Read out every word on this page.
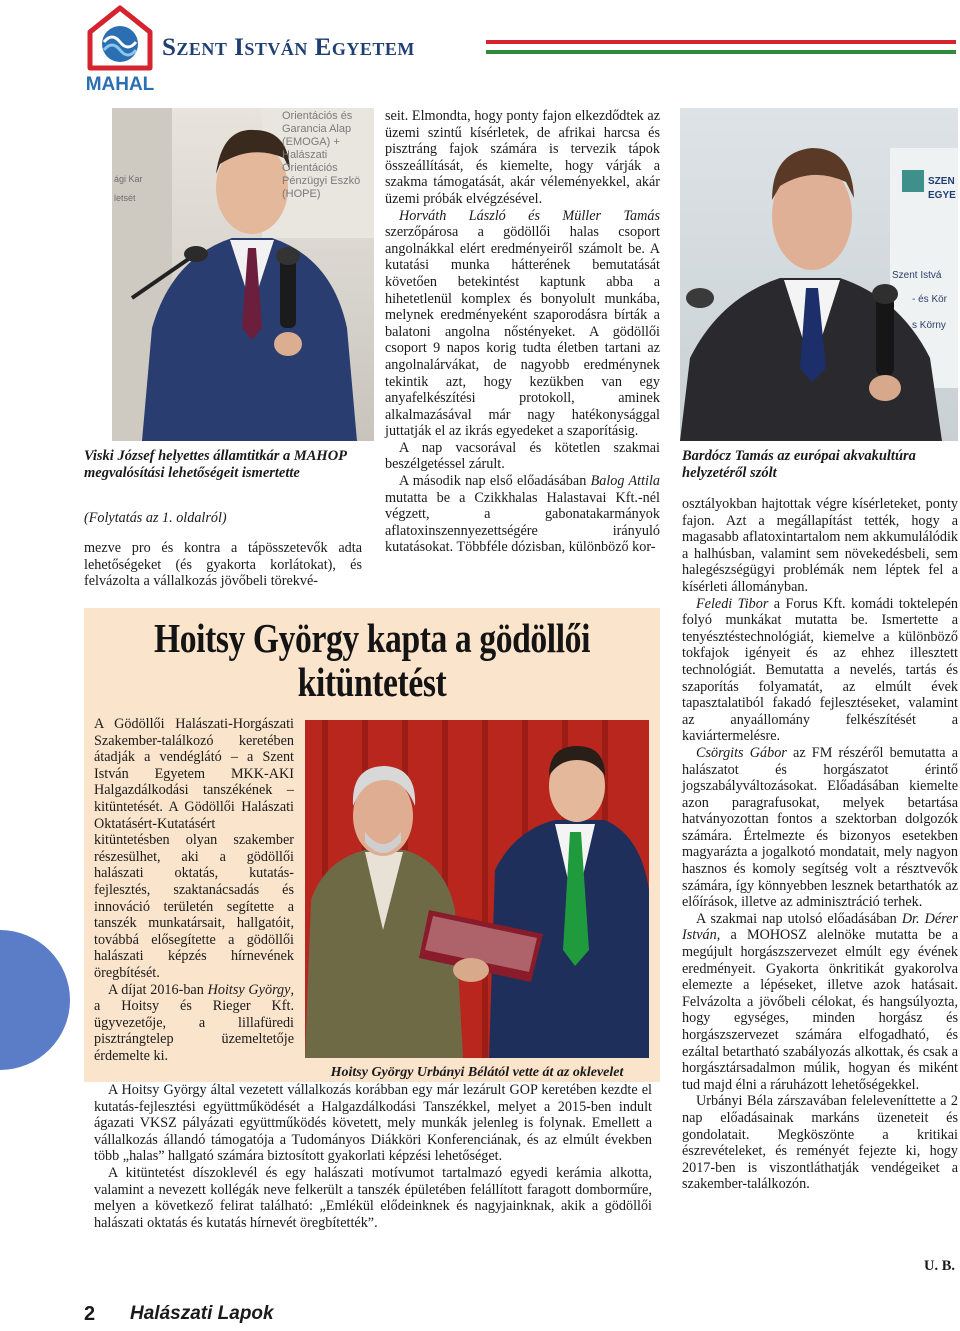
MAHAL
Szent István Egyetem
Orientációs és
Garancia Alap
(EMOGA) +
Halászati
Orientációs
Pénzügyi Eszkö
(HOPE)
ági Kar
letsét
SZEN
EGYE
Szent Istvá
- és Kör
s Körny
Viski József helyettes államtitkár a MAHOP megvalósítási lehetőségeit ismertette
Bardócz Tamás az európai akvakultúra helyzetéről szólt
(Folytatás az 1. oldalról)

mezve pro és kontra a tápösszetevők adta lehetőségeket (és gyakorta korlátokat), és felvázolta a vállalkozás jövőbeli törekvé-

seit. Elmondta, hogy ponty fajon elkezdődtek az üzemi szintű kísérletek, de afrikai harcsa és pisztráng fajok számára is tervezik tápok összeállítását, és kiemelte, hogy várják a szakma támogatását, akár véleményekkel, akár üzemi próbák elvégzésével.

Horváth László és Müller Tamás szerzőpárosa a gödöllői halas csoport angolnákkal elért eredményeiről számolt be. A kutatási munka hátterének bemutatását követően betekintést kaptunk abba a hihetetlenül komplex és bonyolult munkába, melynek eredményeként szaporodásra bírták a balatoni angolna nőstényeket. A gödöllői csoport 9 napos korig tudta életben tartani az angolnalárvákat, de nagyobb eredménynek tekintik azt, hogy kezükben van egy anyafelkészítési protokoll, aminek alkalmazásával már nagy hatékonysággal juttatják el az ikrás egyedeket a szaporításig.

A nap vacsorával és kötetlen szakmai beszélgetéssel zárult.

A második nap első előadásában Balog Attila mutatta be a Czikkhalas Halastavai Kft.-nél végzett, a gabonatakarmányok aflatoxinszennyezettségére irányuló kutatásokat. Többféle dózisban, különböző kor-

osztályokban hajtottak végre kísérleteket, ponty fajon. Azt a megállapítást tették, hogy a magasabb aflatoxintartalom nem akkumulálódik a halhúsban, valamint sem növekedésbeli, sem halegészségügyi problémák nem léptek fel a kísérleti állományban.

Feledi Tibor a Forus Kft. komádi toktelepén folyó munkákat mutatta be. Ismertette a tenyésztéstechnológiát, kiemelve a különböző tokfajok igényeit és az ehhez illesztett technológiát. Bemutatta a nevelés, tartás és szaporítás folyamatát, az elmúlt évek tapasztalatiból fakadó fejlesztéseket, valamint az anyaállomány felkészítését a kaviártermelésre.

Csörgits Gábor az FM részéről bemutatta a halászatot és horgászatot érintő jogszabályváltozásokat. Előadásában kiemelte azon paragrafusokat, melyek betartása hatványozottan fontos a szektorban dolgozók számára. Értelmezte és bizonyos esetekben magyarázta a jogalkotó mondatait, mely nagyon hasznos és komoly segítség volt a résztvevők számára, így könnyebben lesznek betarthatók az előírások, illetve az adminisztráció terhek.

A szakmai nap utolsó előadásában Dr. Dérer István, a MOHOSZ alelnöke mutatta be a megújult horgászszervezet elmúlt egy évének eredményeit. Gyakorta önkritikát gyakorolva elemezte a lépéseket, illetve azok hatásait. Felvázolta a jövőbeli célokat, és hangsúlyozta, hogy egységes, minden horgász és horgászszervezet számára elfogadható, és ezáltal betartható szabályozás alkottak, és csak a horgásztársadalmon múlik, hogyan és miként tud majd élni a ráruházott lehetőségekkel.

Urbányi Béla zárszavában feleleveníttette a 2 nap előadásainak markáns üzeneteit és gondolatait. Megköszönte a kritikai észrevételeket, és reményét fejezte ki, hogy 2017-ben is viszontláthatják vendégeiket a szakember-találkozón.

U. B.
Hoitsy György kapta a gödöllői
kitüntetést

A Gödöllői Halászati-Horgászati Szakember-találkozó keretében átadják a vendéglátó – a Szent István Egyetem MKK-AKI Halgazdálkodási tanszékének – kitüntetését. A Gödöllői Halászati Oktatásért-Kutatásért kitüntetésben olyan szakember részesülhet, aki a gödöllői halászati oktatás, kutatás-fejlesztés, szaktanácsadás és innováció területén segítette a tanszék munkatársait, hallgatóit, továbbá elősegítette a gödöllői halászati képzés hírnevének öregbítését.

A díjat 2016-ban Hoitsy György, a Hoitsy és Rieger Kft. ügyvezetője, a lillafüredi pisztrángtelep üzemeltetője érdemelte ki.

Hoitsy György Urbányi Bélától vette át az oklevelet

A Hoitsy György által vezetett vállalkozás korábban egy már lezárult GOP keretében kezdte el kutatás-fejlesztési együttműködését a Halgazdálkodási Tanszékkel, melyet a 2015-ben indult ágazati VKSZ pályázati együttműködés követett, mely munkák jelenleg is folynak. Emellett a vállalkozás állandó támogatója a Tudományos Diákköri Konferenciának, és az elmúlt években több „halas” hallgató számára biztosított gyakorlati képzési lehetőséget.

A kitüntetést díszoklevél és egy halászati motívumot tartalmazó egyedi kerámia alkotta, valamint a nevezett kollégák neve felkerült a tanszék épületében felállított faragott domborműre, melyen a következő felirat található: „Emlékül elődeinknek és nagyjainknak, akik a gödöllői halászati oktatás és kutatás hírnevét öregbítették”.

2 Halászati Lapok
